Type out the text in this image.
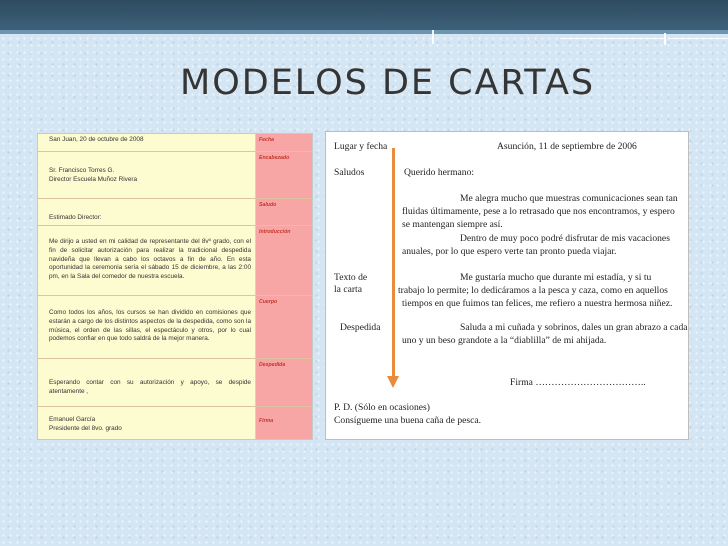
MODELOS DE CARTAS
San Juan, 20 de octubre de 2008	Fecha
Sr. Francisco Torres G.
Director Escuela Muñoz Rivera
Encabezado
Estimado Director:
Saludo
Me dirijo a usted en mi calidad de representante del 8vº grado, con el fin de solicitar autorización para realizar la tradicional despedida navideña que llevan a cabo los octavos a fin de año. En esta oportunidad la ceremonia sería el sábado 15 de diciembre, a las 2:00 pm, en la Sala del comedor de nuestra escuela.
Introducción
Como todos los años, los cursos se han dividido en comisiones que estarán a cargo de los distintos aspectos de la despedida, como son la música, el orden de las sillas, el espectáculo y otros, por lo cual podemos confiar en que todo saldrá de la mejor manera.
Cuerpo
Esperando contar con su autorización y apoyo, se despide atentamente ,
Despedida
Emanuel García
Presidente del 8vo. grado
Firma
Lugar y fecha
Saludos
Texto de
la carta
Despedida
Asunción, 11 de septiembre de 2006
Querido hermano:
Me alegra mucho que muestras comunicaciones sean tan
fluidas últimamente, pese a lo retrasado que nos encontramos, y espero
se mantengan siempre así.
Dentro de muy poco podré disfrutar de mis vacaciones
anuales, por lo que espero verte tan pronto pueda viajar.
Me gustaría mucho que durante mi estadía, y si tu
trabajo lo permite; lo dedicáramos a la pesca y caza, como en aquellos
tiempos en que fuimos tan felices, me refiero a nuestra hermosa niñez.
Saluda a mi cuñada y sobrinos, dales un gran abrazo a cada
uno y un beso grandote a la “diablilla” de mi ahijada.
Firma ……………………………..
P. D. (Sólo en ocasiones)
Consígueme una buena caña de pesca.
